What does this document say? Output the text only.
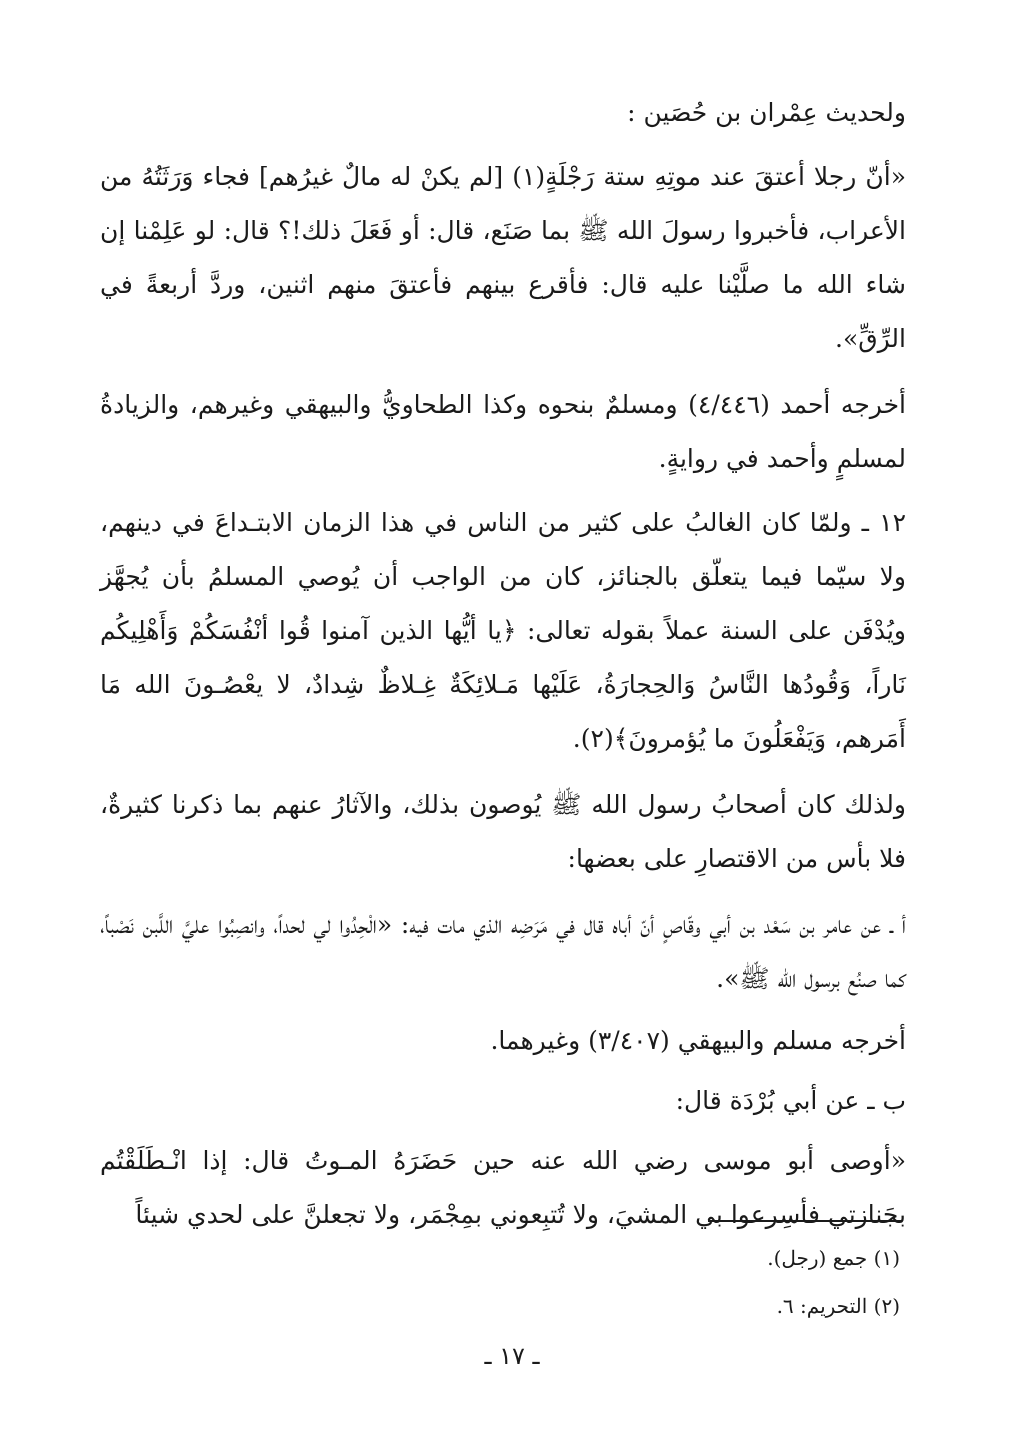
ولحديث عِمْران بن حُصَين :

«أنّ رجلا أعتقَ عند موتِهِ ستة رَجْلَةٍ(١) [لم يكنْ له مالٌ غيرُهم] فجاء وَرَثَتُهُ من الأعراب، فأخبروا رسولَ الله ﷺ بما صَنَع، قال: أو فَعَلَ ذلك!؟ قال: لو عَلِمْنا إن شاء الله ما صلَّيْنا عليه قال: فأقرع بينهم فأعتقَ منهم اثنين، وردَّ أربعةً في الرِّقِّ».

أخرجه أحمد (٤/٤٤٦) ومسلمٌ بنحوه وكذا الطحاويُّ والبيهقي وغيرهم، والزيادةُ لمسلمٍ وأحمد في روايةٍ.

١٢ ـ ولمّا كان الغالبُ على كثير من الناس في هذا الزمان الابتـداعَ في دينهم، ولا سيّما فيما يتعلّق بالجنائز، كان من الواجب أن يُوصي المسلمُ بأن يُجهَّز ويُدْفَن على السنة عملاً بقوله تعالى: ﴿يا أيُّها الذين آمنوا قُوا أنْفُسَكُمْ وَأَهْلِيكُم نَاراً، وَقُودُها النَّاسُ وَالحِجارَةُ، عَلَيْها مَـلائِكَةٌ غِـلاظٌ شِدادٌ، لا يعْصُـونَ الله مَا أَمَرهم، وَيَفْعَلُونَ ما يُؤمرونَ﴾(٢).

ولذلك كان أصحابُ رسول الله ﷺ يُوصون بذلك، والآثارُ عنهم بما ذكرنا كثيرةٌ، فلا بأس من الاقتصارِ على بعضها:

أ ـ عن عامر بن سَعْد بن أبي وقّاصٍ أنّ أباه قال في مَرَضِه الذي مات فيه: «الْحِدُوا لي لحداً، وانصِبُوا عليَّ اللَّبن نَصْباً، كما صنُع برسول الله ﷺ».

أخرجه مسلم والبيهقي (٣/٤٠٧) وغيرهما.

ب ـ عن أبي بُرْدَة قال:

«أوصى أبو موسى رضي الله عنه حين حَضَرَهُ المـوتُ قال: إذا انْـطَلَقْتُم بجَنازتي فأسِرعوا بي المشيَ، ولا تُتبِعوني بمِجْمَر، ولا تجعلنَّ على لحدي شيئاً

(١) جمع (رجل).
(٢) التحريم: ٦.
ـ ١٧ ـ
